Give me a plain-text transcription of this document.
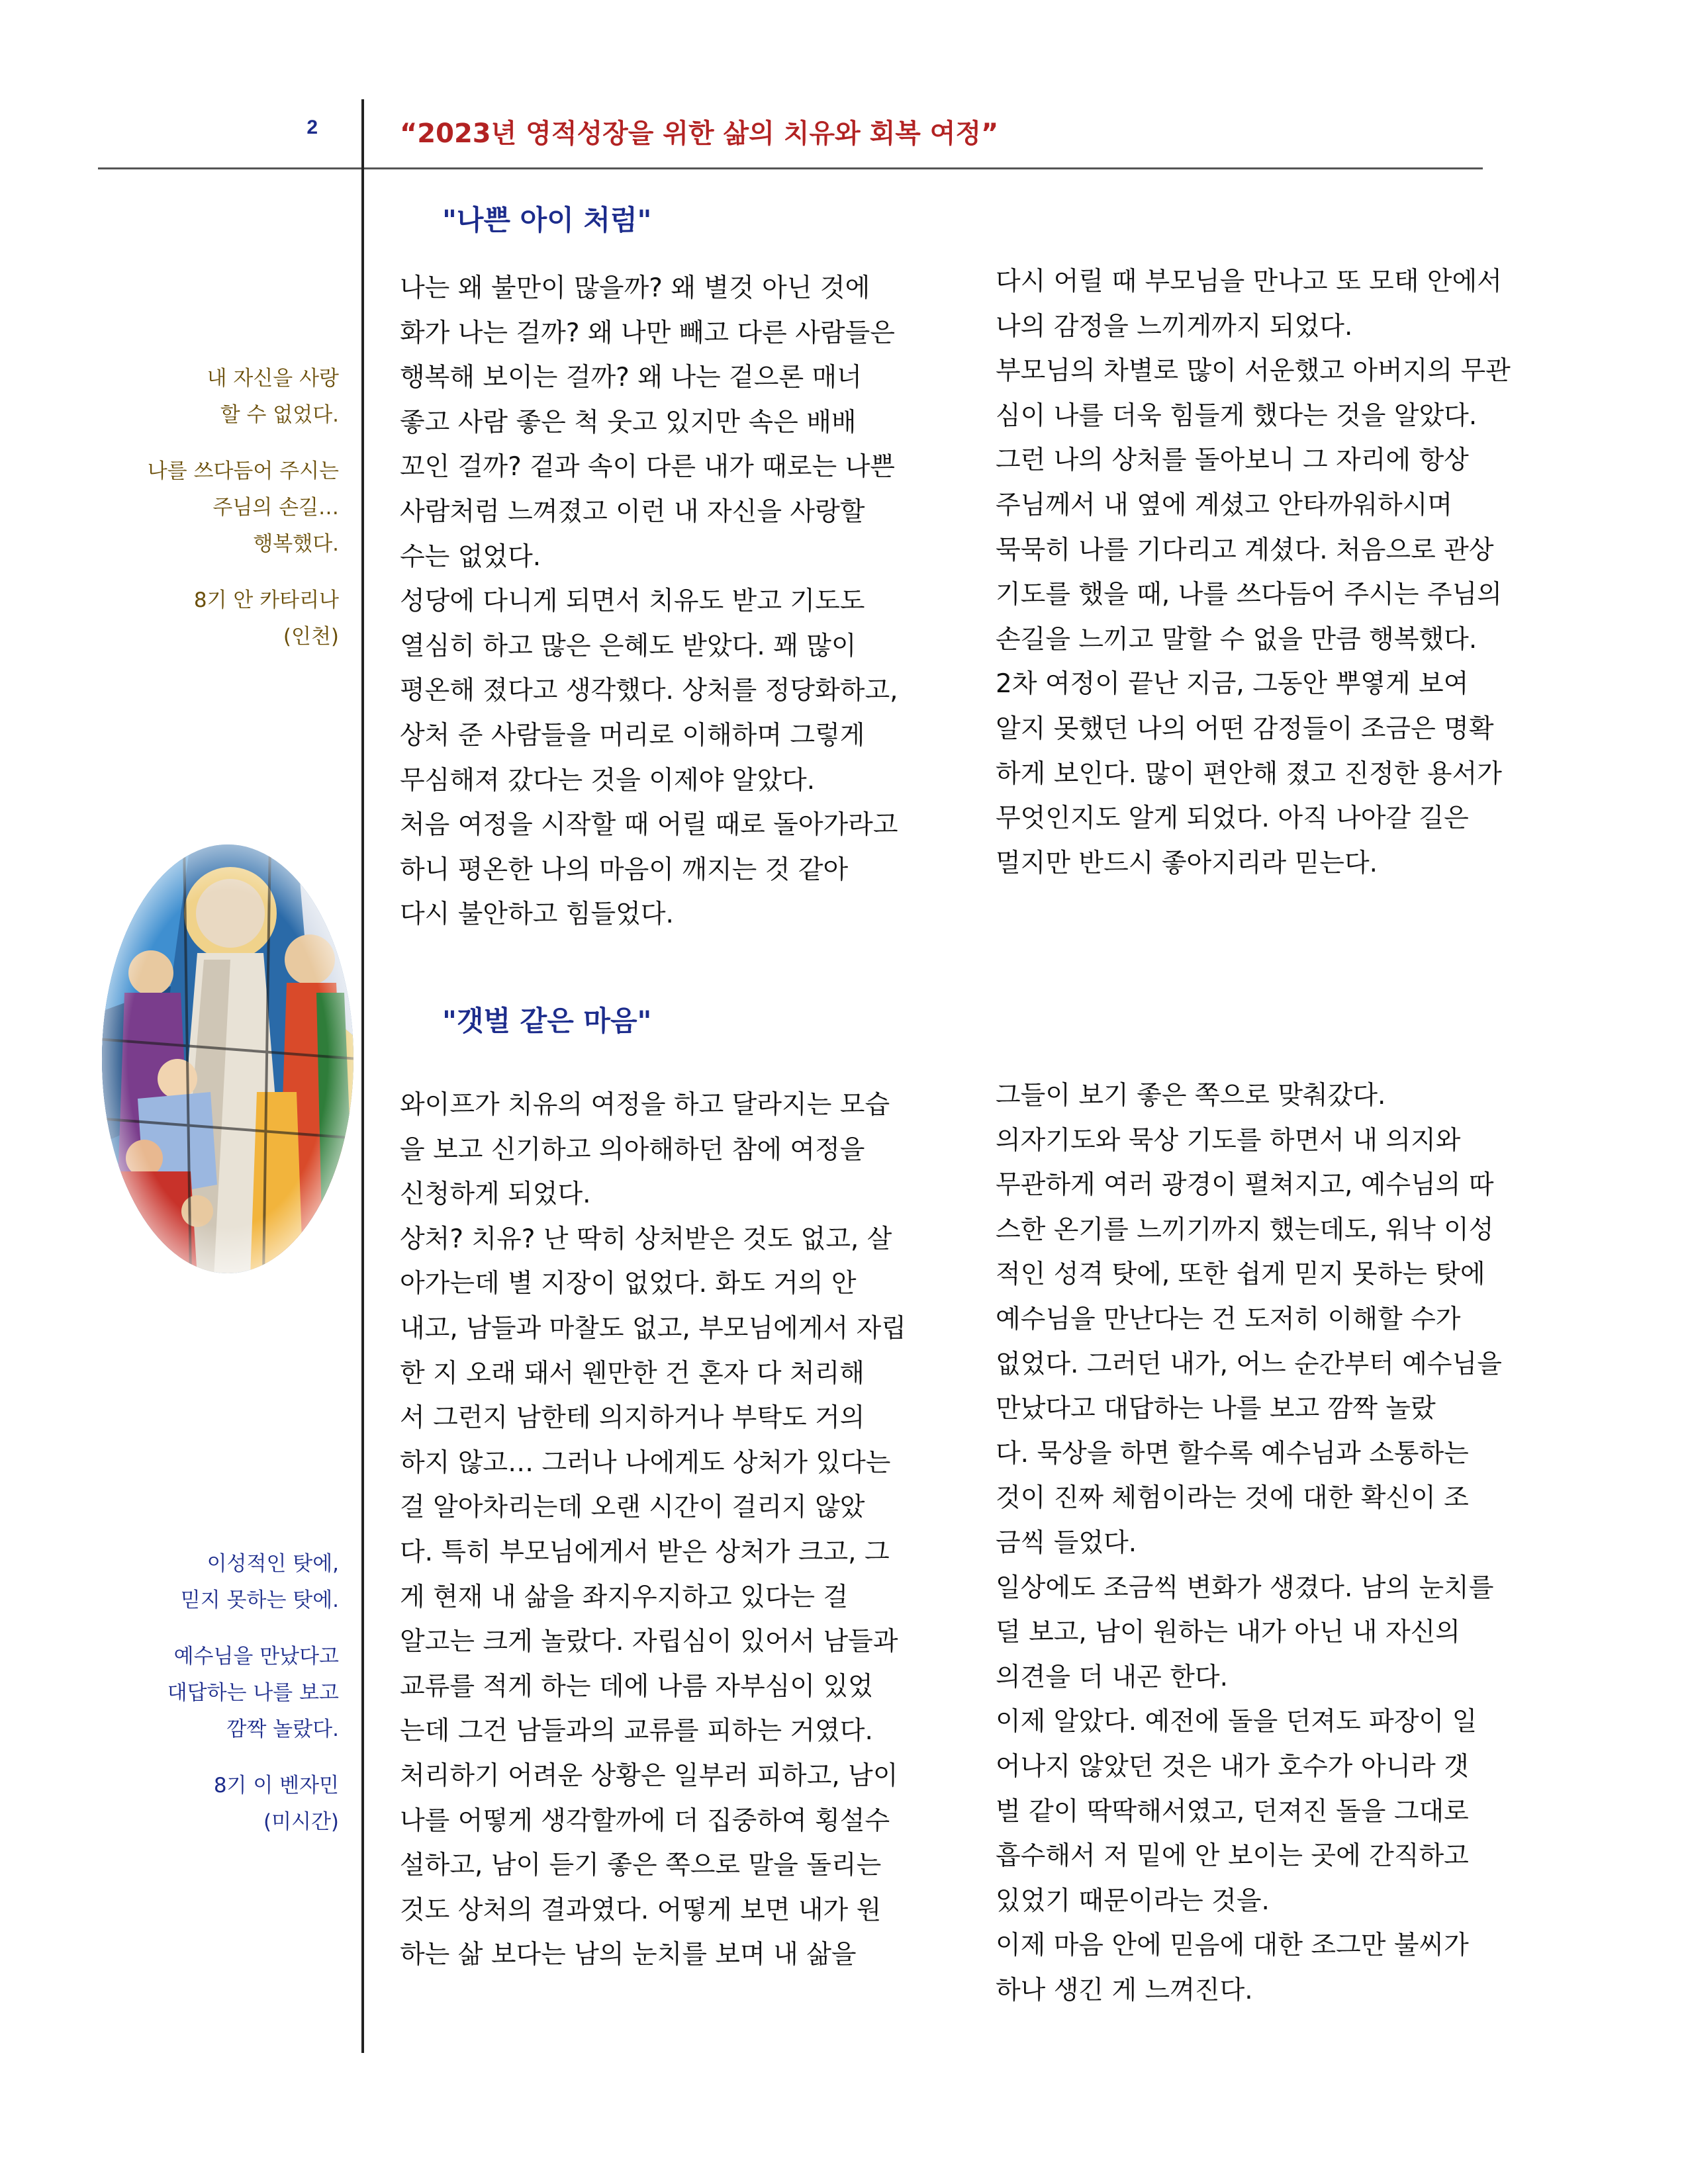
2	“2023년 영적성장을 위한 삶의 치유와 회복 여정”
내 자신을 사랑
할 수 없었다.
나를 쓰다듬어 주시는
주님의 손길…
행복했다.
8기 안 카타리나
(인천)
이성적인 탓에,
믿지 못하는 탓에.
예수님을 만났다고
대답하는 나를 보고
깜짝 놀랐다.
8기 이 벤자민
(미시간)
"나쁜 아이 처럼"
나는 왜 불만이 많을까? 왜 별것 아닌 것에
화가 나는 걸까? 왜 나만 빼고 다른 사람들은
행복해 보이는 걸까? 왜 나는 겉으론 매너
좋고 사람 좋은 척 웃고 있지만 속은 배배
꼬인 걸까? 겉과 속이 다른 내가 때로는 나쁜
사람처럼 느껴졌고 이런 내 자신을 사랑할
수는 없었다.
성당에 다니게 되면서 치유도 받고 기도도
열심히 하고 많은 은혜도 받았다. 꽤 많이
평온해 졌다고 생각했다. 상처를 정당화하고,
상처 준 사람들을 머리로 이해하며 그렇게
무심해져 갔다는 것을 이제야 알았다.
처음 여정을 시작할 때 어릴 때로 돌아가라고
하니 평온한 나의 마음이 깨지는 것 같아
다시 불안하고 힘들었다.
다시 어릴 때 부모님을 만나고 또 모태 안에서
나의 감정을 느끼게까지 되었다.
부모님의 차별로 많이 서운했고 아버지의 무관
심이 나를 더욱 힘들게 했다는 것을 알았다.
그런 나의 상처를 돌아보니 그 자리에 항상
주님께서 내 옆에 계셨고 안타까워하시며
묵묵히 나를 기다리고 계셨다. 처음으로 관상
기도를 했을 때, 나를 쓰다듬어 주시는 주님의
손길을 느끼고 말할 수 없을 만큼 행복했다.
2차 여정이 끝난 지금, 그동안 뿌옇게 보여
알지 못했던 나의 어떤 감정들이 조금은 명확
하게 보인다. 많이 편안해 졌고 진정한 용서가
무엇인지도 알게 되었다. 아직 나아갈 길은
멀지만 반드시 좋아지리라 믿는다.
"갯벌 같은 마음"
와이프가 치유의 여정을 하고 달라지는 모습
을 보고 신기하고 의아해하던 참에 여정을
신청하게 되었다.
상처? 치유? 난 딱히 상처받은 것도 없고, 살
아가는데 별 지장이 없었다. 화도 거의 안
내고, 남들과 마찰도 없고, 부모님에게서 자립
한 지 오래 돼서 웬만한 건 혼자 다 처리해
서 그런지 남한테 의지하거나 부탁도 거의
하지 않고… 그러나 나에게도 상처가 있다는
걸 알아차리는데 오랜 시간이 걸리지 않았
다. 특히 부모님에게서 받은 상처가 크고, 그
게 현재 내 삶을 좌지우지하고 있다는 걸
알고는 크게 놀랐다. 자립심이 있어서 남들과
교류를 적게 하는 데에 나름 자부심이 있었
는데 그건 남들과의 교류를 피하는 거였다.
처리하기 어려운 상황은 일부러 피하고, 남이
나를 어떻게 생각할까에 더 집중하여 횡설수
설하고, 남이 듣기 좋은 쪽으로 말을 돌리는
것도 상처의 결과였다. 어떻게 보면 내가 원
하는 삶 보다는 남의 눈치를 보며 내 삶을
그들이 보기 좋은 쪽으로 맞춰갔다.
의자기도와 묵상 기도를 하면서 내 의지와
무관하게 여러 광경이 펼쳐지고, 예수님의 따
스한 온기를 느끼기까지 했는데도, 워낙 이성
적인 성격 탓에, 또한 쉽게 믿지 못하는 탓에
예수님을 만난다는 건 도저히 이해할 수가
없었다. 그러던 내가, 어느 순간부터 예수님을
만났다고 대답하는 나를 보고 깜짝 놀랐
다. 묵상을 하면 할수록 예수님과 소통하는
것이 진짜 체험이라는 것에 대한 확신이 조
금씩 들었다.
일상에도 조금씩 변화가 생겼다. 남의 눈치를
덜 보고, 남이 원하는 내가 아닌 내 자신의
의견을 더 내곤 한다.
이제 알았다. 예전에 돌을 던져도 파장이 일
어나지 않았던 것은 내가 호수가 아니라 갯
벌 같이 딱딱해서였고, 던져진 돌을 그대로
흡수해서 저 밑에 안 보이는 곳에 간직하고
있었기 때문이라는 것을.
이제 마음 안에 믿음에 대한 조그만 불씨가
하나 생긴 게 느껴진다.
